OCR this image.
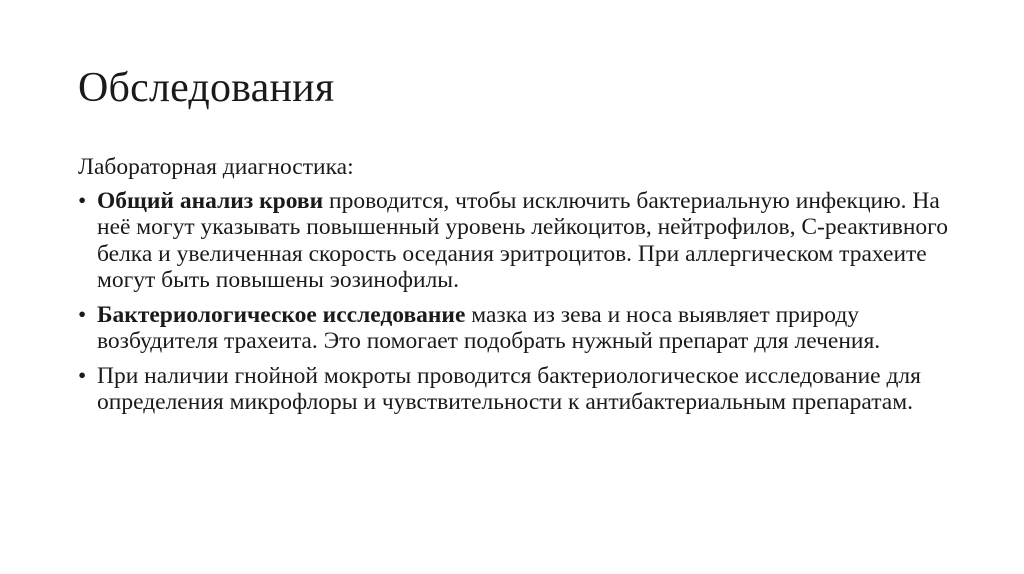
Обследования

Лабораторная диагностика:

• Общий анализ крови проводится, чтобы исключить бактериальную инфекцию. На неё могут указывать повышенный уровень лейкоцитов, нейтрофилов, С-реактивного белка и увеличенная скорость оседания эритроцитов. При аллергическом трахеите могут быть повышены эозинофилы.
• Бактериологическое исследование мазка из зева и носа выявляет природу возбудителя трахеита. Это помогает подобрать нужный препарат для лечения.
• При наличии гнойной мокроты проводится бактериологическое исследование для определения микрофлоры и чувствительности к антибактериальным препаратам.
